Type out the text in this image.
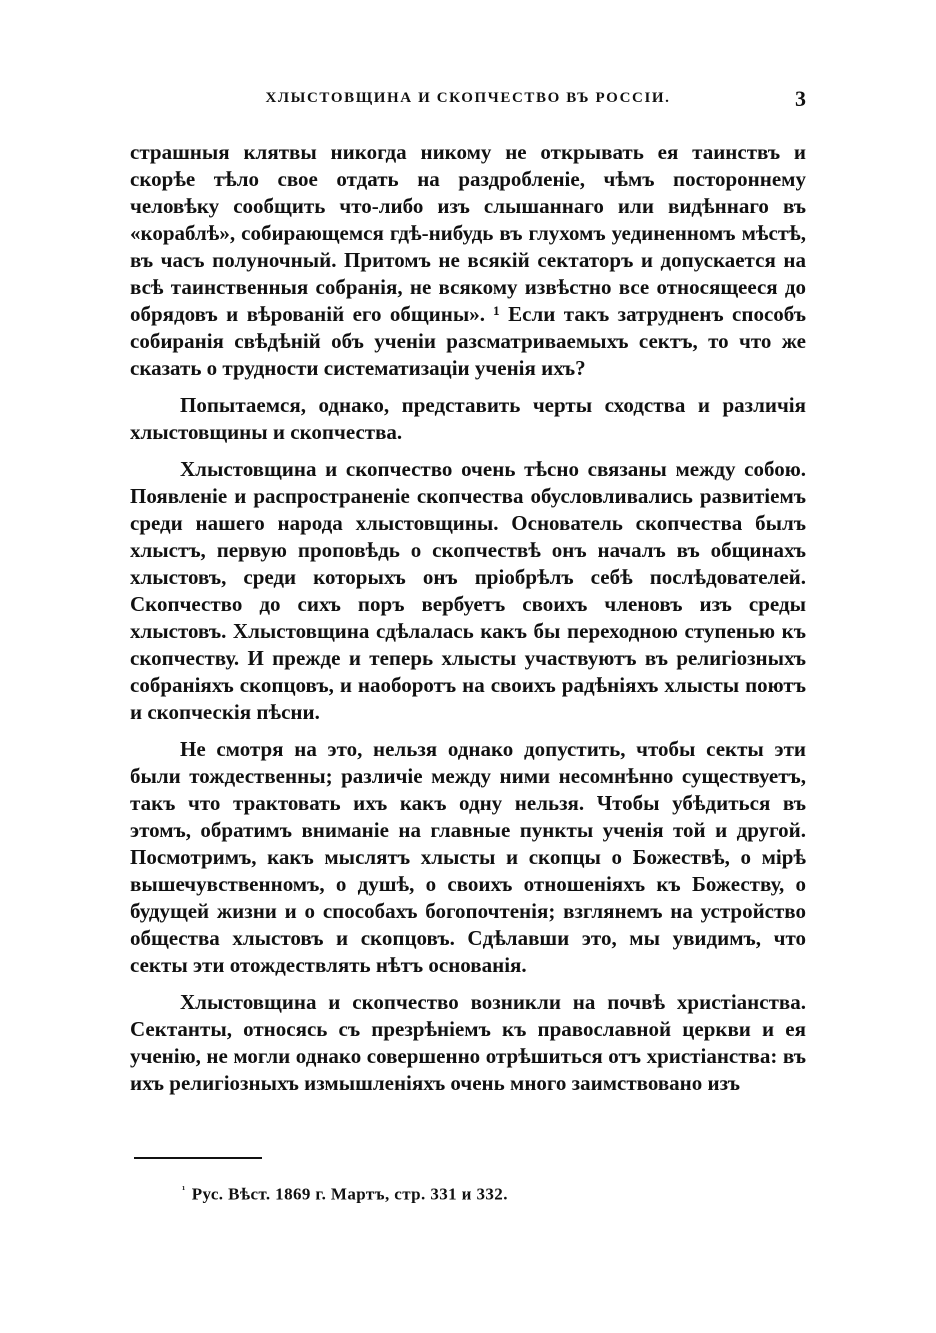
ХЛЫСТОВЩИНА И СКОПЧЕСТВО ВЪ РОССІИ.	3

страшныя клятвы никогда никому не открывать ея таинствъ и скорѣе тѣло свое отдать на раздробленіе, чѣмъ постороннему человѣку сообщить что-либо изъ слышаннаго или видѣннаго въ «кораблѣ», собирающемся гдѣ-нибудь въ глухомъ уединенномъ мѣстѣ, въ часъ полуночный. Притомъ не всякій сектаторъ и допускается на всѣ таинственныя собранія, не всякому извѣстно все относящееся до обрядовъ и вѣрованій его общины». ¹ Если такъ затрудненъ способъ собиранія свѣдѣній объ ученіи разсматриваемыхъ сектъ, то что же сказать о трудности систематизаціи ученія ихъ?

Попытаемся, однако, представить черты сходства и различія хлыстовщины и скопчества.

Хлыстовщина и скопчество очень тѣсно связаны между собою. Появленіе и распространеніе скопчества обусловливались развитіемъ среди нашего народа хлыстовщины. Основатель скопчества былъ хлыстъ, первую проповѣдь о скопчествѣ онъ началъ въ общинахъ хлыстовъ, среди которыхъ онъ пріобрѣлъ себѣ послѣдователей. Скопчество до сихъ поръ вербуетъ своихъ членовъ изъ среды хлыстовъ. Хлыстовщина сдѣлалась какъ бы переходною ступенью къ скопчеству. И прежде и теперь хлысты участвуютъ въ религіозныхъ собраніяхъ скопцовъ, и наоборотъ на своихъ радѣніяхъ хлысты поютъ и скопческія пѣсни.

Не смотря на это, нельзя однако допустить, чтобы секты эти были тождественны; различіе между ними несомнѣнно существуетъ, такъ что трактовать ихъ какъ одну нельзя. Чтобы убѣдиться въ этомъ, обратимъ вниманіе на главные пункты ученія той и другой. Посмотримъ, какъ мыслятъ хлысты и скопцы о Божествѣ, о мірѣ вышечувственномъ, о душѣ, о своихъ отношеніяхъ къ Божеству, о будущей жизни и о способахъ богопочтенія; взглянемъ на устройство общества хлыстовъ и скопцовъ. Сдѣлавши это, мы увидимъ, что секты эти отождествлять нѣтъ основанія.

Хлыстовщина и скопчество возникли на почвѣ христіанства. Сектанты, относясь съ презрѣніемъ къ православной церкви и ея ученію, не могли однако совершенно отрѣшиться отъ христіанства: въ ихъ религіозныхъ измышленіяхъ очень много заимствовано изъ

$^{^1}$ Рус. Вѣст. 1869 г. Мартъ, стр. 331 и 332.
